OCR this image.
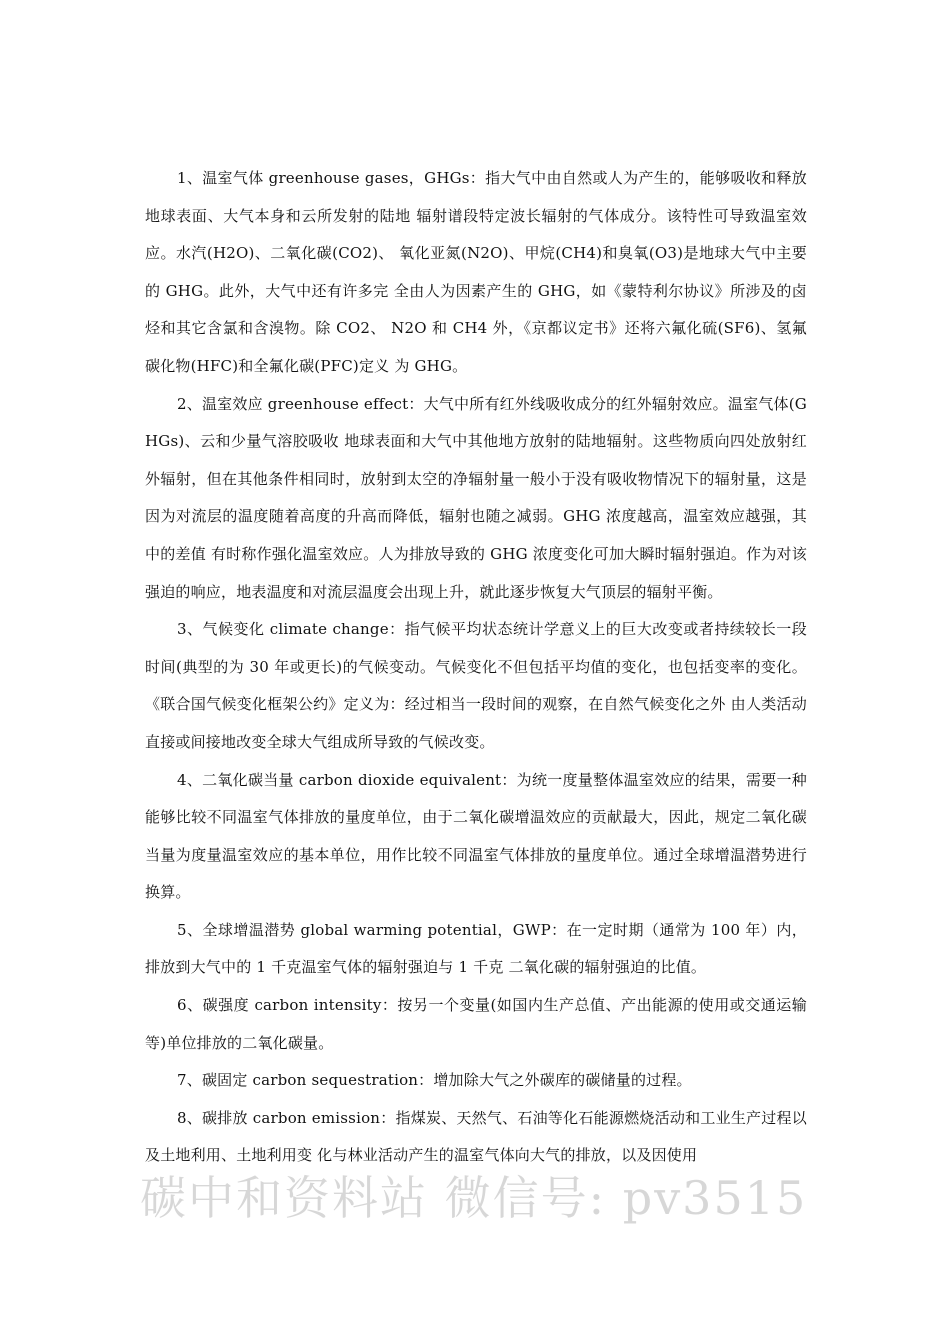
1、温室气体 greenhouse gases，GHGs：指大气中由自然或人为产生的，能够吸收和释放地球表面、大气本身和云所发射的陆地 辐射谱段特定波长辐射的气体成分。该特性可导致温室效应。水汽(H2O)、二氧化碳(CO2)、 氧化亚氮(N2O)、甲烷(CH4)和臭氧(O3)是地球大气中主要的 GHG。此外，大气中还有许多完 全由人为因素产生的 GHG，如《蒙特利尔协议》所涉及的卤烃和其它含氯和含溴物。除 CO2、 N2O 和 CH4 外，《京都议定书》还将六氟化硫(SF6)、氢氟碳化物(HFC)和全氟化碳(PFC)定义 为 GHG。

2、温室效应 greenhouse effect：大气中所有红外线吸收成分的红外辐射效应。温室气体(GHGs)、云和少量气溶胶吸收 地球表面和大气中其他地方放射的陆地辐射。这些物质向四处放射红外辐射，但在其他条件相同时，放射到太空的净辐射量一般小于没有吸收物情况下的辐射量，这是因为对流层的温度随着高度的升高而降低，辐射也随之减弱。GHG 浓度越高，温室效应越强，其中的差值 有时称作强化温室效应。人为排放导致的 GHG 浓度变化可加大瞬时辐射强迫。作为对该强迫的响应，地表温度和对流层温度会出现上升，就此逐步恢复大气顶层的辐射平衡。

3、气候变化 climate change：指气候平均状态统计学意义上的巨大改变或者持续较长一段时间(典型的为 30 年或更长)的气候变动。气候变化不但包括平均值的变化，也包括变率的变化。《联合国气候变化框架公约》定义为：经过相当一段时间的观察，在自然气候变化之外 由人类活动直接或间接地改变全球大气组成所导致的气候改变。

4、二氧化碳当量 carbon dioxide equivalent：为统一度量整体温室效应的结果，需要一种能够比较不同温室气体排放的量度单位，由于二氧化碳增温效应的贡献最大，因此，规定二氧化碳当量为度量温室效应的基本单位，用作比较不同温室气体排放的量度单位。通过全球增温潜势进行换算。

5、全球增温潜势 global warming potential，GWP：在一定时期（通常为 100 年）内，排放到大气中的 1 千克温室气体的辐射强迫与 1 千克 二氧化碳的辐射强迫的比值。

6、碳强度 carbon intensity：按另一个变量(如国内生产总值、产出能源的使用或交通运输等)单位排放的二氧化碳量。

7、碳固定 carbon sequestration：增加除大气之外碳库的碳储量的过程。

8、碳排放 carbon emission：指煤炭、天然气、石油等化石能源燃烧活动和工业生产过程以及土地利用、土地利用变 化与林业活动产生的温室气体向大气的排放，以及因使用

碳中和资料站 微信号: pv3515
